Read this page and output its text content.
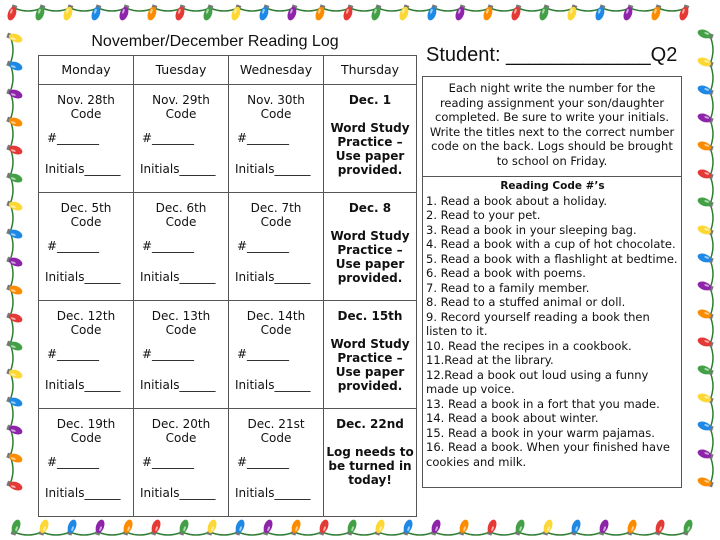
November/December Reading Log
Student: _____________Q2
Monday	Tuesday	Wednesday	Thursday

Nov. 28th
Code
#_______
Initials______	Nov. 29th
Code
#_______
Initials______	Nov. 30th
Code
#_______
Initials______	Dec. 1
Word Study Practice – Use paper provided.

Dec. 5th
Code
#_______
Initials______	Dec. 6th
Code
#_______
Initials______	Dec. 7th
Code
#_______
Initials______	Dec. 8
Word Study Practice – Use paper provided.

Dec. 12th
Code
#_______
Initials______	Dec. 13th
Code
#_______
Initials______	Dec. 14th
Code
#_______
Initials______	Dec. 15th
Word Study Practice – Use paper provided.

Dec. 19th
Code
#_______
Initials______	Dec. 20th
Code
#_______
Initials______	Dec. 21st
Code
#_______
Initials______	Dec. 22nd
Log needs to be turned in today!
Each night write the number for the reading assignment your son/daughter completed. Be sure to write your initials. Write the titles next to the correct number code on the back. Logs should be brought to school on Friday.
Reading Code #’s
1. Read a book about a holiday.
2. Read to your pet.
3. Read a book in your sleeping bag.
4. Read a book with a cup of hot chocolate.
5. Read a book with a flashlight at bedtime.
6. Read a book with poems.
7. Read to a family member.
8. Read to a stuffed animal or doll.
9. Record yourself reading a book then listen to it.
10. Read the recipes in a cookbook.
11.Read at the library.
12.Read a book out loud using a funny made up voice.
13. Read a book in a fort that you made.
14. Read a book about winter.
15. Read a book in your warm pajamas.
16. Read a book. When your finished have cookies and milk.
